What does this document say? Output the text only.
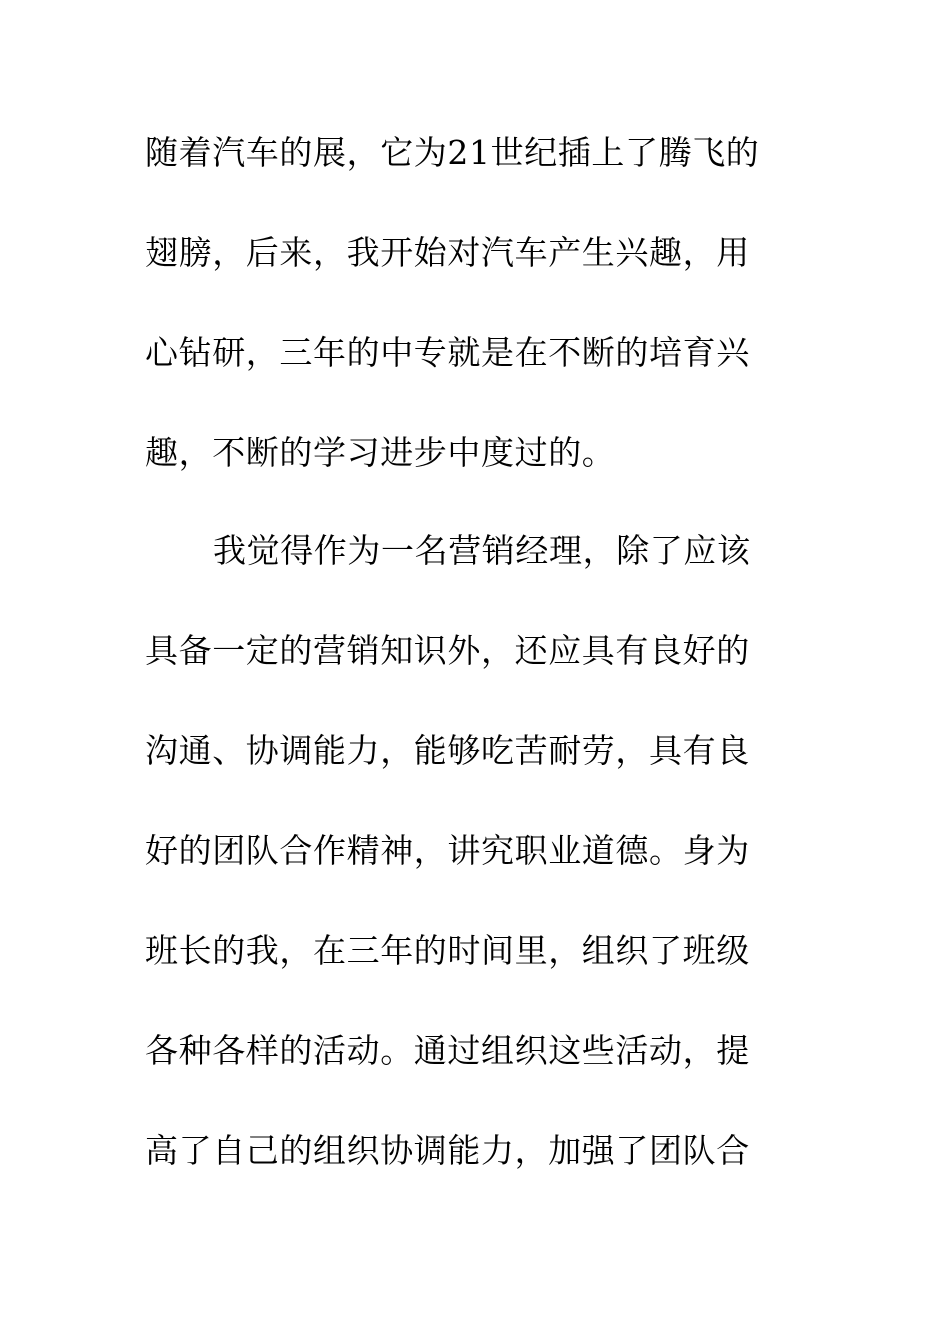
随着汽车的展，它为21世纪插上了腾飞的
翅膀，后来，我开始对汽车产生兴趣，用
心钻研，三年的中专就是在不断的培育兴
趣，不断的学习进步中度过的。
我觉得作为一名营销经理，除了应该
具备一定的营销知识外，还应具有良好的
沟通、协调能力，能够吃苦耐劳，具有良
好的团队合作精神，讲究职业道德。身为
班长的我，在三年的时间里，组织了班级
各种各样的活动。通过组织这些活动，提
高了自己的组织协调能力，加强了团队合
